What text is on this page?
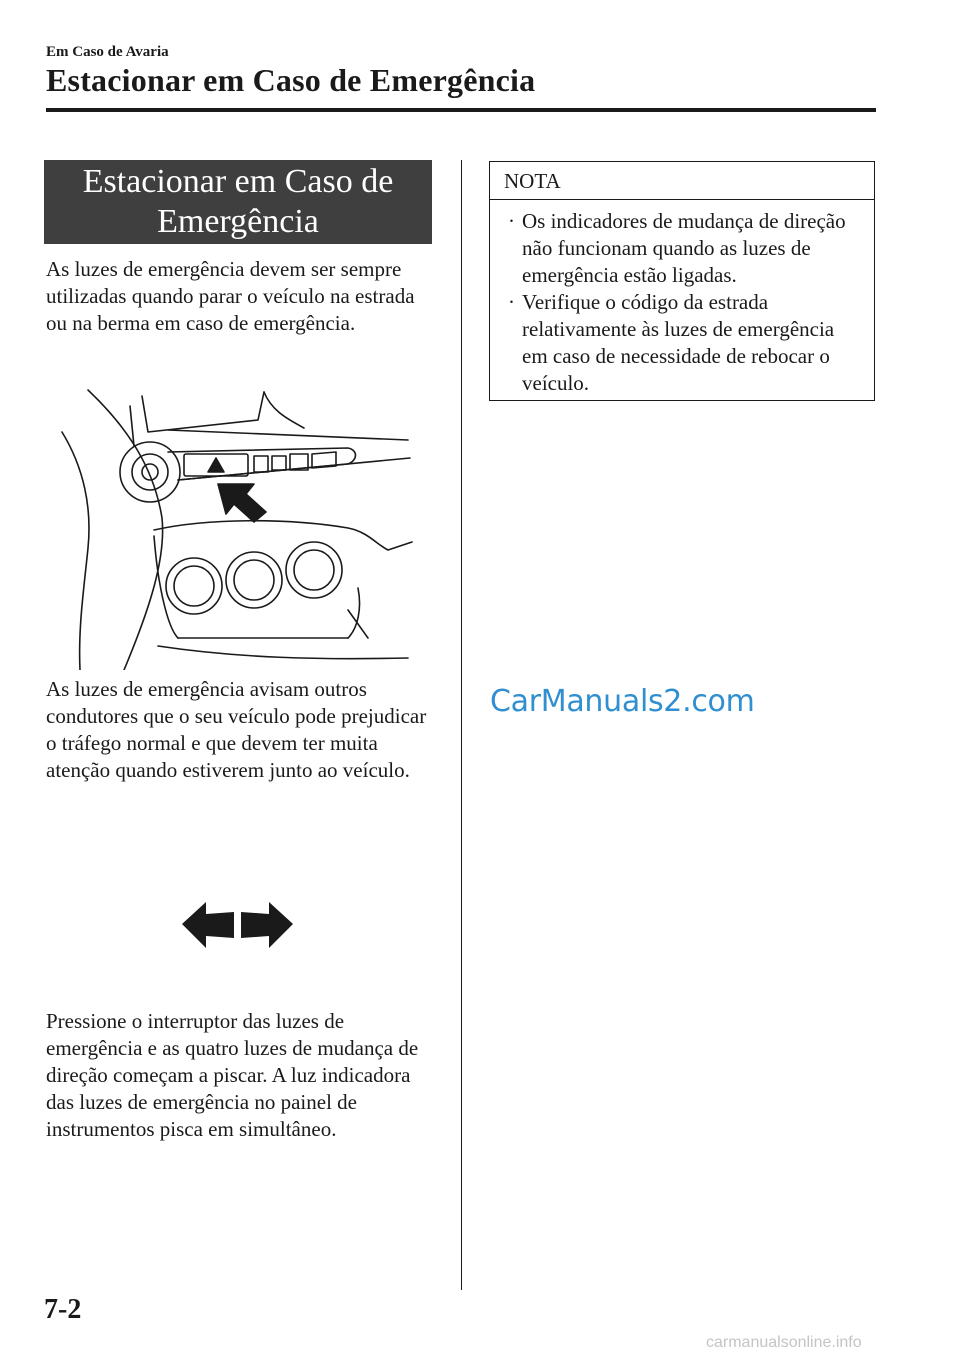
Em Caso de Avaria
Estacionar em Caso de Emergência
Estacionar em Caso de Emergência

As luzes de emergência devem ser sempre utilizadas quando parar o veículo na estrada ou na berma em caso de emergência.

As luzes de emergência avisam outros condutores que o seu veículo pode prejudicar o tráfego normal e que devem ter muita atenção quando estiverem junto ao veículo.

Pressione o interruptor das luzes de emergência e as quatro luzes de mudança de direção começam a piscar. A luz indicadora das luzes de emergência no painel de instrumentos pisca em simultâneo.

NOTA
· Os indicadores de mudança de direção não funcionam quando as luzes de emergência estão ligadas.
· Verifique o código da estrada relativamente às luzes de emergência em caso de necessidade de rebocar o veículo.
CarManuals2.com
7-2
carmanualsonline.info
